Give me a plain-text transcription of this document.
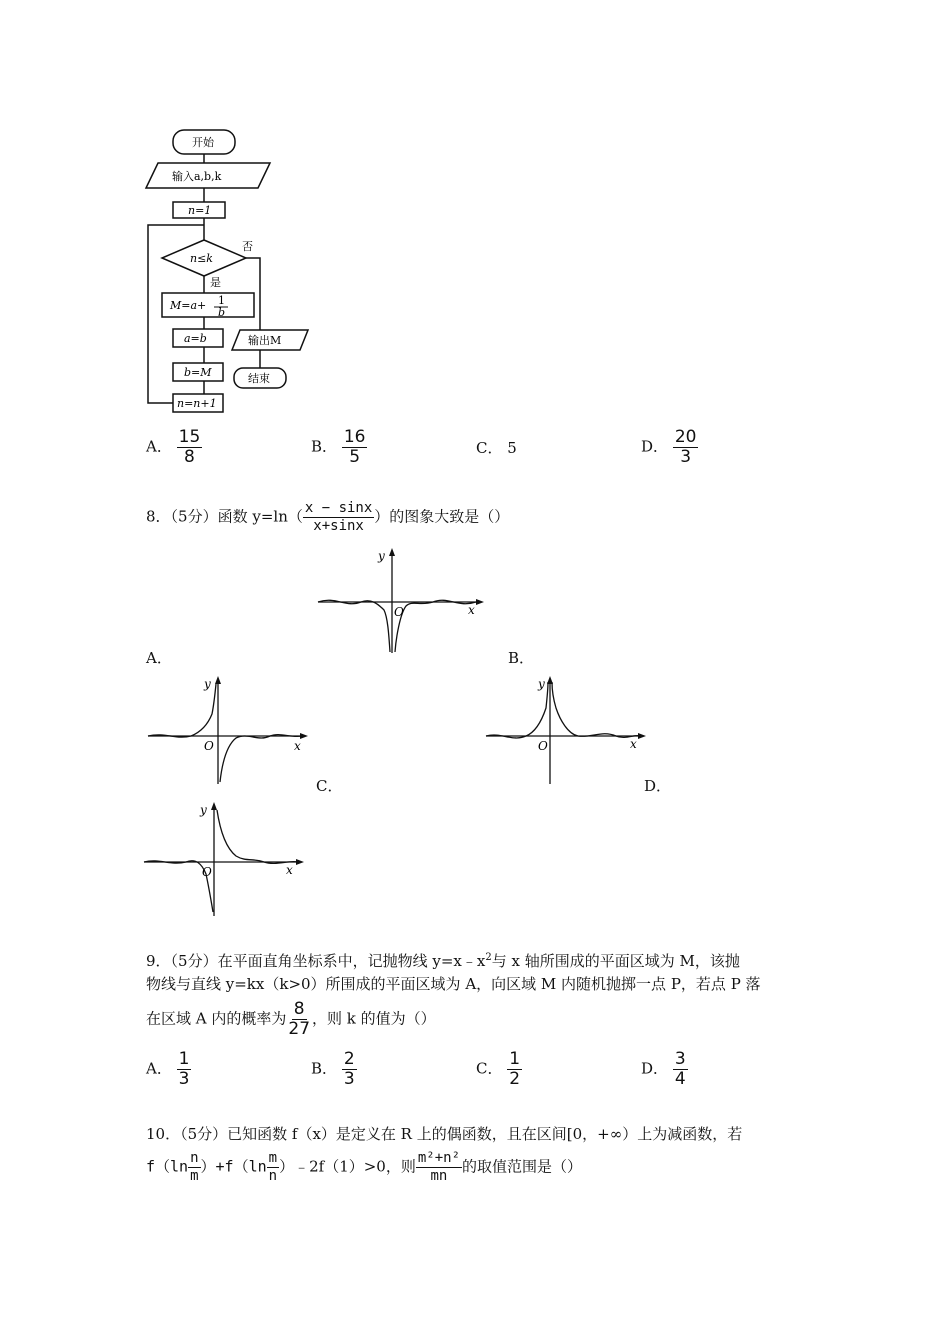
开始
输入a,b,k
n=1
n≤k
否
是
M=a+ 1
b
a=b
b=M
n=n+1
输出M
结束
A． $\frac{15}{8}$	B． $\frac{16}{5}$	C． 5	D． $\frac{20}{3}$
8．（5分）函数 $y=\ln( \frac{x - \sin x}{x+\sin x}$ ）的图象大致是（）
y
x
O
A．	B．
y
x
O
C．
y
x
O
D．
y
x
O
9．（5分）在平面直角坐标系中，记抛物线 $y=x﹣x^2$与 x 轴所围成的平面区域为 M，该抛
物线与直线 y=kx（k>0）所围成的平面区域为 A，向区域 M 内随机抛掷一点 P，若点 P 落
在区域 A 内的概率为 $\frac{8}{27}$ ，则 k 的值为（）
A． $\frac{1}{3}$	B． $\frac{2}{3}$	C． $\frac{1}{2}$	D． $\frac{3}{4}$
10．（5分）已知函数 f（x）是定义在 R 上的偶函数，且在区间[0，+∞）上为减函数，若
$f(\ln \frac{n}{m} )+f(\ln \frac{m}{n}$ ）﹣2f（1）>0，则 $\frac{\text{m²+n²}}{mn}$ 的取值范围是（）
